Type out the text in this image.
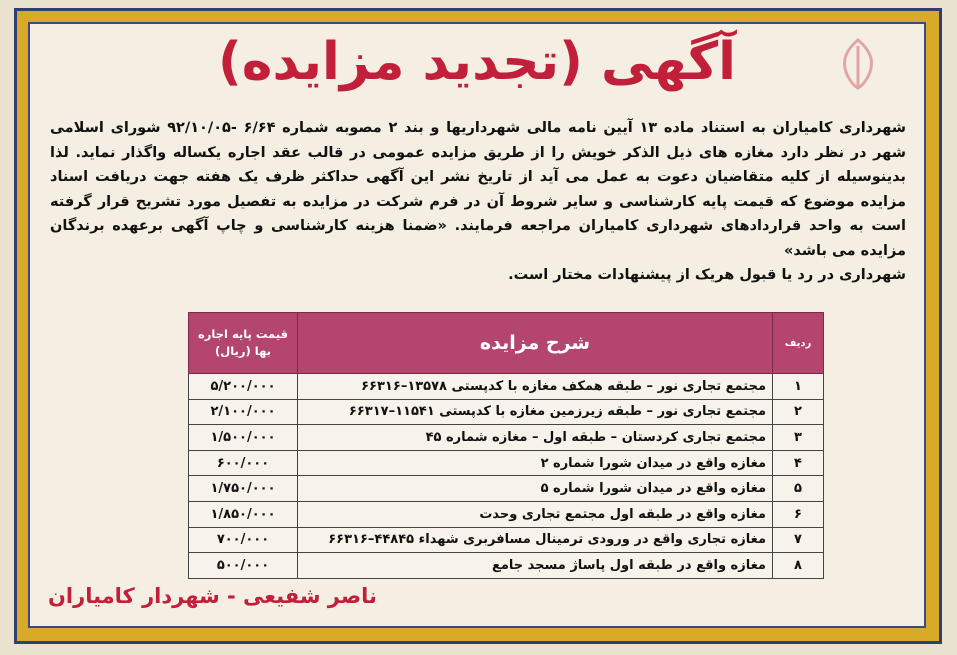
آگهی (تجدید مزایده)

شهرداری کامیاران به استناد ماده ۱۳ آیین نامه مالی شهرداریها و بند ۲ مصوبه شماره ۶/۶۴ -۹۲/۱۰/۰۵ شورای اسلامی شهر در نظر دارد مغازه های ذیل الذکر خویش را از طریق مزایده عمومی در قالب عقد اجاره یکساله واگذار نماید. لذا بدینوسیله از کلیه متقاضیان دعوت به عمل می آید از تاریخ نشر این آگهی حداکثر ظرف یک هفته جهت دریافت اسناد مزایده موضوع که قیمت پایه کارشناسی و سایر شروط آن در فرم شرکت در مزایده به تفصیل مورد تشریح قرار گرفته است به واحد قراردادهای شهرداری کامیاران مراجعه فرمایند. «ضمنا هزینه کارشناسی و چاپ آگهی برعهده برندگان مزایده می باشد»

شهرداری در رد یا قبول هریک از پیشنهادات مختار است.

ردیف	شرح مزایده	قیمت پایه اجاره بها (ریال)
۱	مجتمع تجاری نور – طبقه همکف مغازه با کدپستی ۱۳۵۷۸–۶۶۳۱۶	۵/۲۰۰/۰۰۰
۲	مجتمع تجاری نور – طبقه زیرزمین مغازه با کدپستی ۱۱۵۴۱–۶۶۳۱۷	۲/۱۰۰/۰۰۰
۳	مجتمع تجاری کردستان – طبقه اول – مغازه شماره ۴۵	۱/۵۰۰/۰۰۰
۴	مغازه واقع در میدان شورا شماره ۲	۶۰۰/۰۰۰
۵	مغازه واقع در میدان شورا شماره ۵	۱/۷۵۰/۰۰۰
۶	مغازه واقع در طبقه اول مجتمع تجاری وحدت	۱/۸۵۰/۰۰۰
۷	مغازه تجاری واقع در ورودی ترمینال مسافربری شهداء ۴۴۸۴۵–۶۶۳۱۶	۷۰۰/۰۰۰
۸	مغازه واقع در طبقه اول پاساژ مسجد جامع	۵۰۰/۰۰۰
ناصر شفیعی - شهردار کامیاران
